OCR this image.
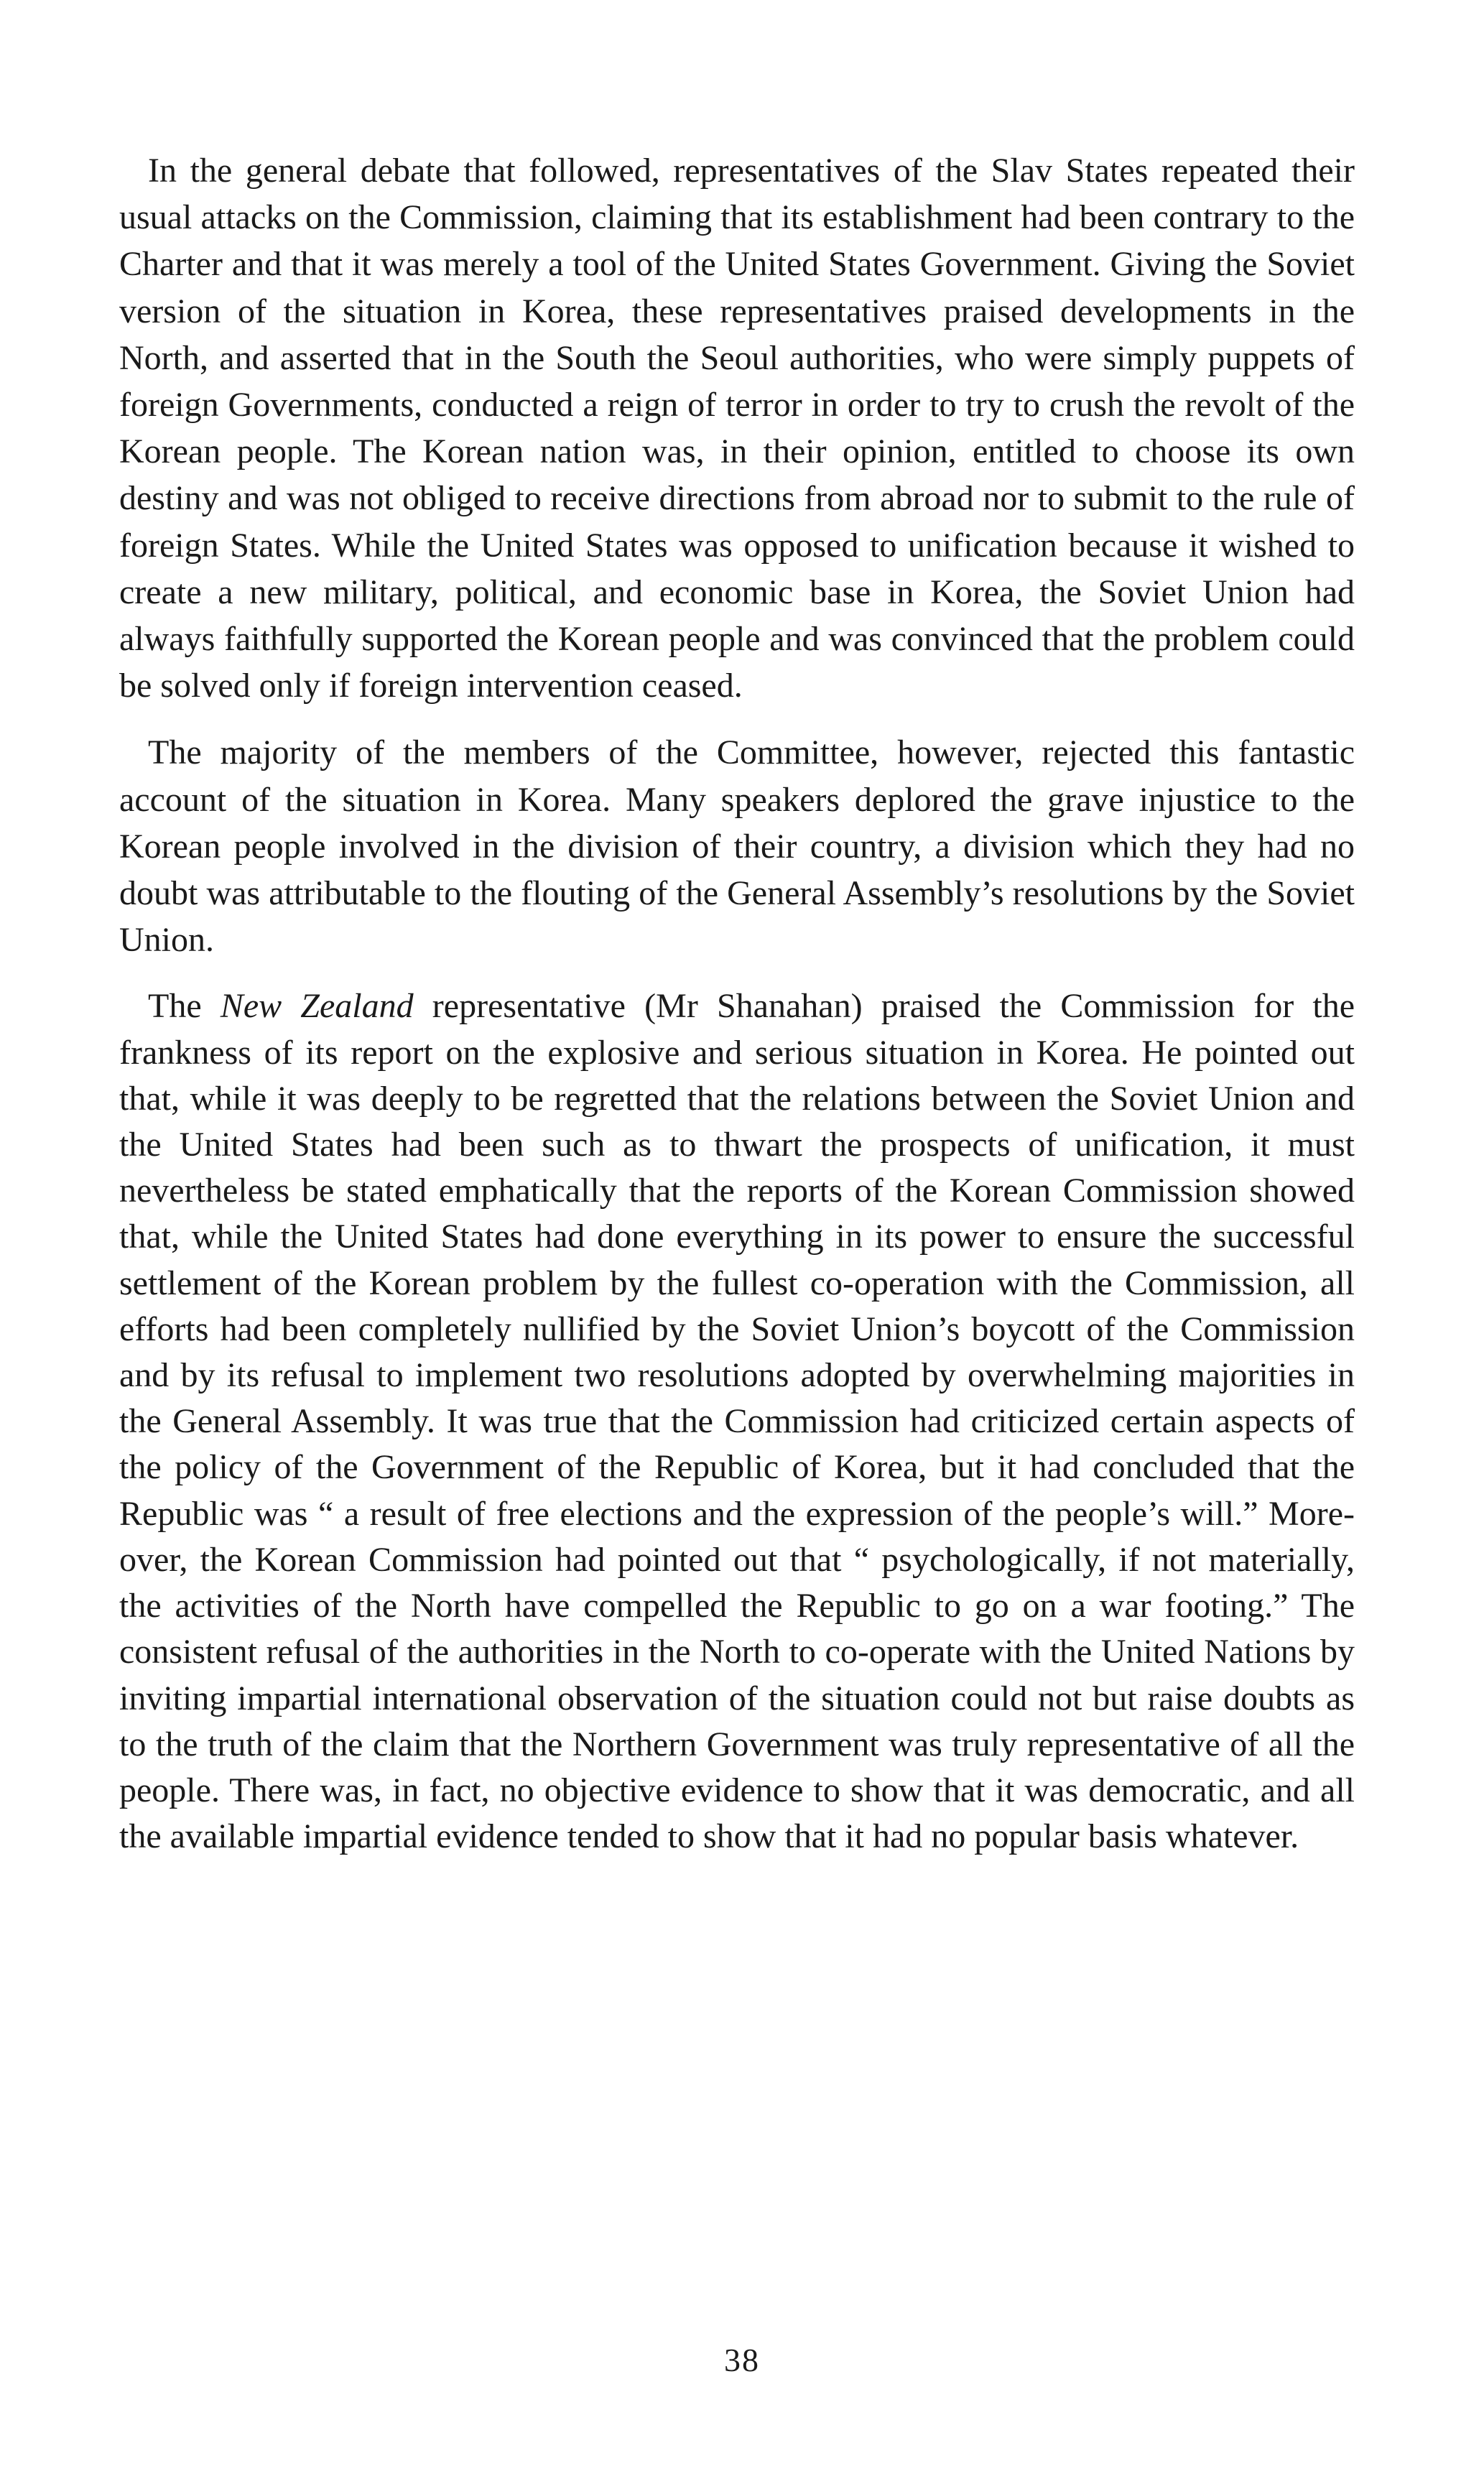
In the general debate that followed, representatives of the Slav States repeated their usual attacks on the Commission, claiming that its establishment had been contrary to the Charter and that it was merely a tool of the United States Government. Giving the Soviet version of the situation in Korea, these representatives praised developments in the North, and asserted that in the South the Seoul authorities, who were simply puppets of foreign Governments, conducted a reign of terror in order to try to crush the revolt of the Korean people. The Korean nation was, in their opinion, entitled to choose its own destiny and was not obliged to receive directions from abroad nor to submit to the rule of foreign States. While the United States was opposed to unification because it wished to create a new military, political, and economic base in Korea, the Soviet Union had always faithfully supported the Korean people and was convinced that the problem could be solved only if foreign intervention ceased.

The majority of the members of the Committee, however, rejected this fantastic account of the situation in Korea. Many speakers deplored the grave injustice to the Korean people involved in the division of their country, a division which they had no doubt was attributable to the flouting of the General Assembly’s resolutions by the Soviet Union.

The New Zealand representative (Mr Shanahan) praised the Commission for the frankness of its report on the explosive and serious situation in Korea. He pointed out that, while it was deeply to be regretted that the relations between the Soviet Union and the United States had been such as to thwart the prospects of unification, it must nevertheless be stated emphatically that the reports of the Korean Commission showed that, while the United States had done everything in its power to ensure the successful settlement of the Korean problem by the fullest co-operation with the Commission, all efforts had been completely nullified by the Soviet Union’s boycott of the Commission and by its refusal to implement two resolutions adopted by overwhelming majorities in the General Assembly. It was true that the Commission had criticized certain aspects of the policy of the Government of the Republic of Korea, but it had concluded that the Republic was “ a result of free elections and the expression of the people’s will.” Moreover, the Korean Commission had pointed out that “ psychologically, if not materially, the activities of the North have compelled the Republic to go on a war footing.” The consistent refusal of the authorities in the North to co-operate with the United Nations by inviting impartial international observation of the situation could not but raise doubts as to the truth of the claim that the Northern Government was truly representative of all the people. There was, in fact, no objective evidence to show that it was democratic, and all the available impartial evidence tended to show that it had no popular basis whatever.

38
